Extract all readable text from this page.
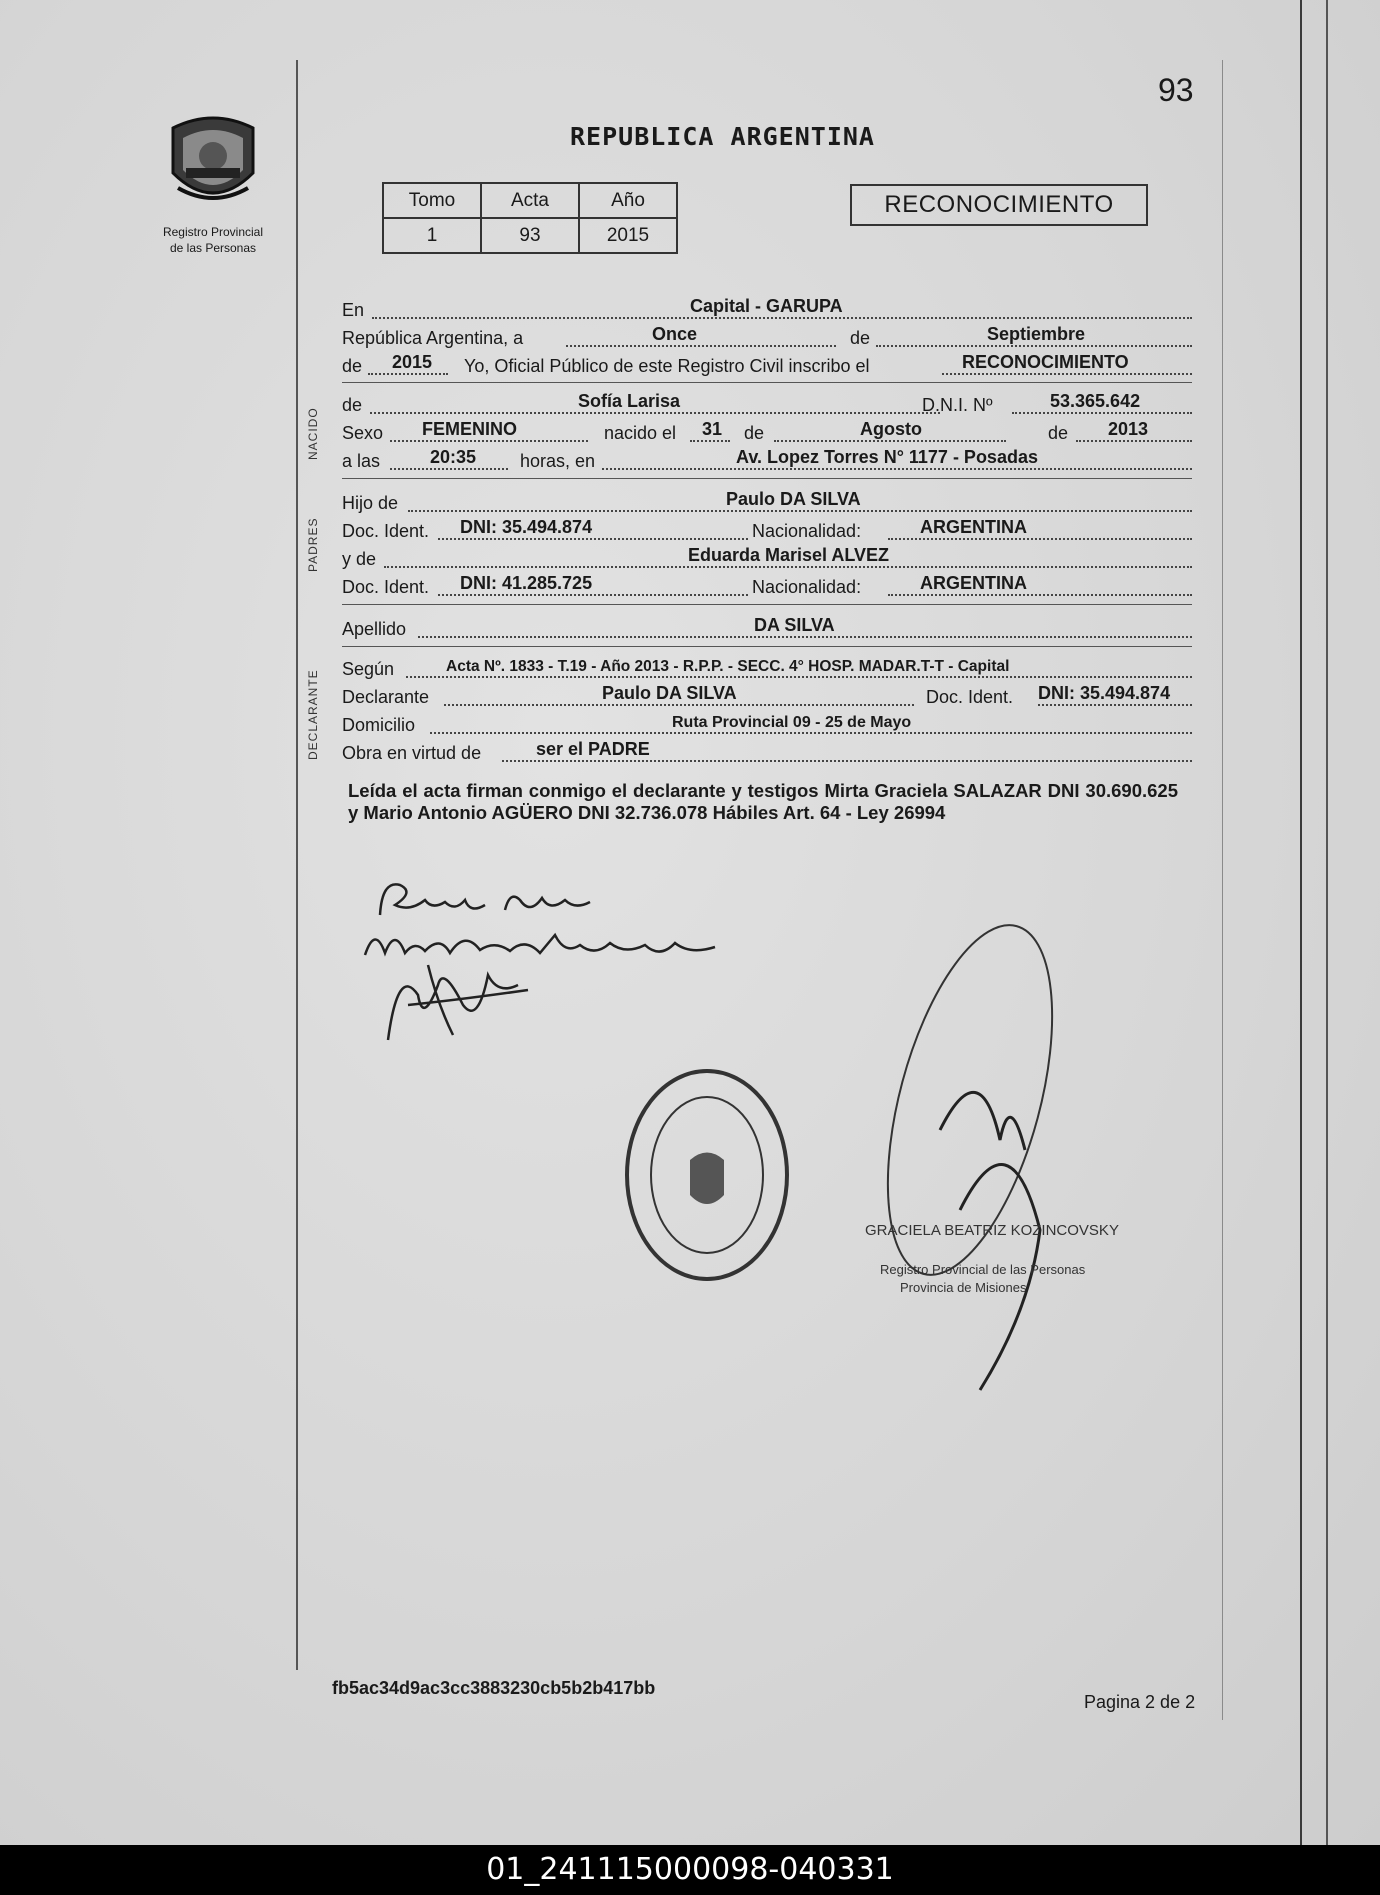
93
Registro Provincial
de las Personas
REPUBLICA ARGENTINA
Tomo	Acta	Año
1	93	2015
RECONOCIMIENTO
NACIDO
PADRES
DECLARANTE
En	Capital - GARUPA
República Argentina, a	Once	de	Septiembre
de 2015 Yo, Oficial Público de este Registro Civil inscribo el	RECONOCIMIENTO
de	Sofía Larisa	D.N.I. Nº	53.365.642
Sexo FEMENINO	nacido el 31 de	Agosto	de 2013
a las	20:35 horas, en	Av. Lopez Torres N° 1177 - Posadas
Hijo de	Paulo DA SILVA
Doc. Ident. DNI: 35.494.874	Nacionalidad:	ARGENTINA
y de	Eduarda Marisel ALVEZ
Doc. Ident. DNI: 41.285.725	Nacionalidad:	ARGENTINA
Apellido	DA SILVA
Según	Acta Nº. 1833 - T.19 - Año 2013 - R.P.P. - SECC. 4° HOSP. MADAR.T-T - Capital
Declarante	Paulo DA SILVA	Doc. Ident. DNI: 35.494.874
Domicilio	Ruta Provincial 09 - 25 de Mayo
Obra en virtud de	ser el PADRE
Leída el acta firman conmigo el declarante y testigos Mirta Graciela SALAZAR DNI 30.690.625 y Mario Antonio AGÜERO DNI 32.736.078 Hábiles Art. 64 - Ley 26994
GRACIELA BEATRIZ KOZINCOVSKY
Registro Provincial de las Personas
Provincia de Misiones
fb5ac34d9ac3cc3883230cb5b2b417bb
Pagina 2 de 2
01_241115000098-040331
